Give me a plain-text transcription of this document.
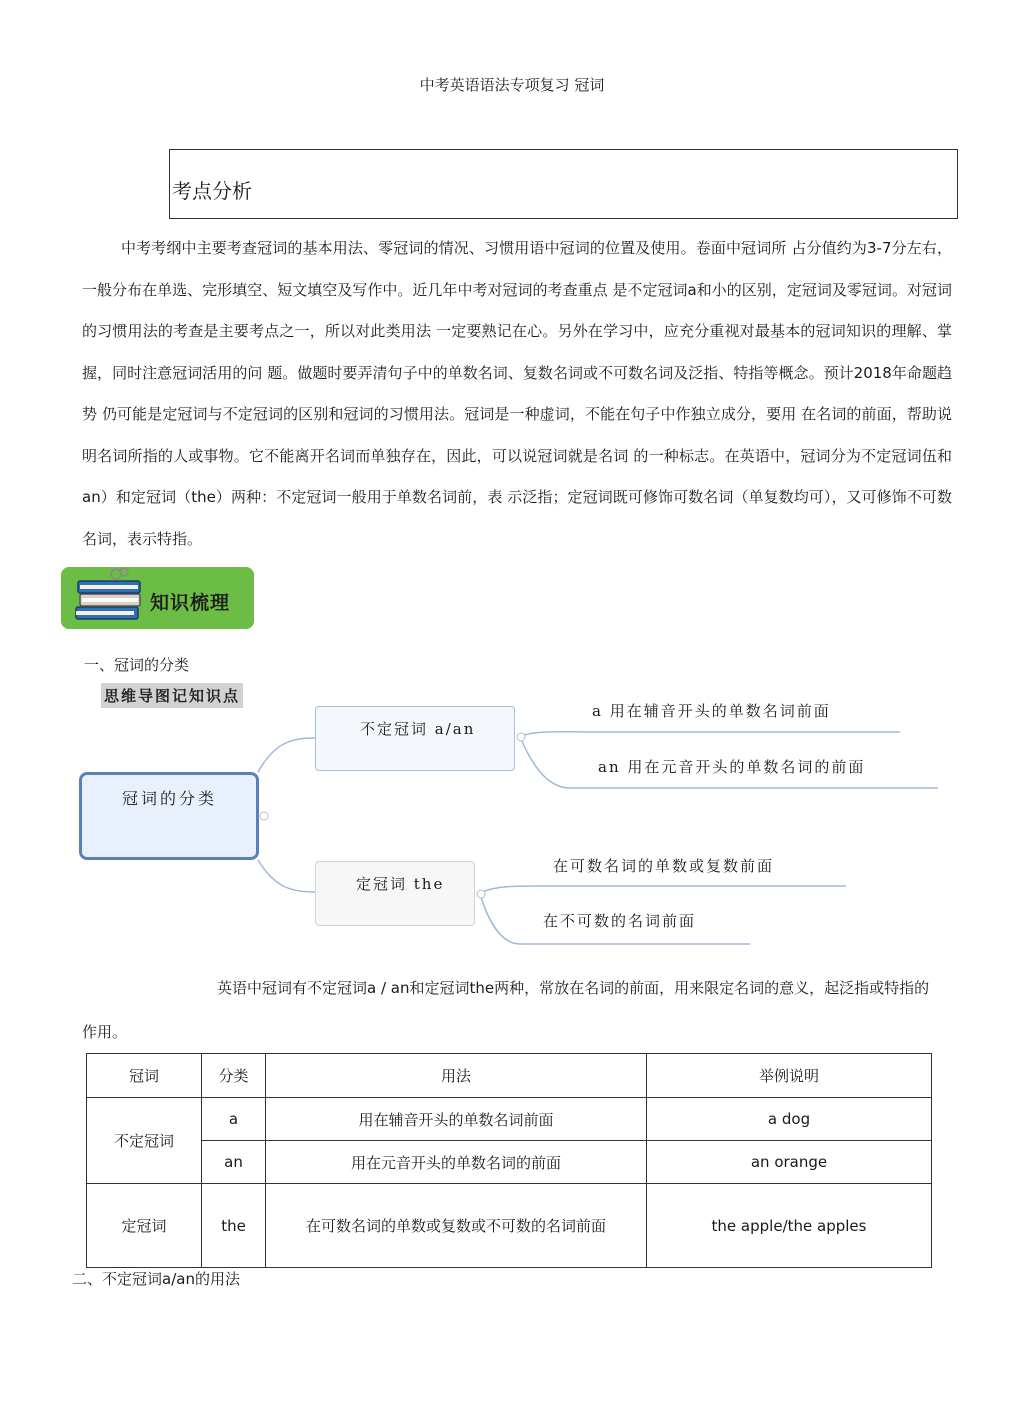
中考英语语法专项复习 冠词
考点分析

中考考纲中主要考查冠词的基本用法、零冠词的情况、习惯用语中冠词的位置及使用。卷面中冠词所 占分值约为3-7分左右，一般分布在单选、完形填空、短文填空及写作中。近几年中考对冠词的考查重点 是不定冠词a和小的区别，定冠词及零冠词。对冠词的习惯用法的考查是主要考点之一，所以对此类用法 一定要熟记在心。另外在学习中，应充分重视对最基本的冠词知识的理解、掌握，同时注意冠词活用的问 题。做题时要弄清句子中的单数名词、复数名词或不可数名词及泛指、特指等概念。预计2018年命题趋势 仍可能是定冠词与不定冠词的区别和冠词的习惯用法。冠词是一种虚词，不能在句子中作独立成分，要用 在名词的前面，帮助说明名词所指的人或事物。它不能离开名词而单独存在，因此，可以说冠词就是名词 的一种标志。在英语中，冠词分为不定冠词伍和an）和定冠词（the）两种：不定冠词一般用于单数名词前，表 示泛指；定冠词既可修饰可数名词（单复数均可），又可修饰不可数名词，表示特指。

知识梳理
一、冠词的分类
思维导图记知识点
冠词的分类
不定冠词 a/an
定冠词 the
a 用在辅音开头的单数名词前面
an 用在元音开头的单数名词的前面
在可数名词的单数或复数前面
在不可数的名词前面

英语中冠词有不定冠词a / an和定冠词the两种，常放在名词的前面，用来限定名词的意义，起泛指或特指的作用。

冠词	分类	用法	举例说明
不定冠词	a	用在辅音开头的单数名词前面	a dog
	an	用在元音开头的单数名词的前面	an orange
定冠词	the	在可数名词的单数或复数或不可数的名词前面	the apple/the apples
二、不定冠词a/an的用法
